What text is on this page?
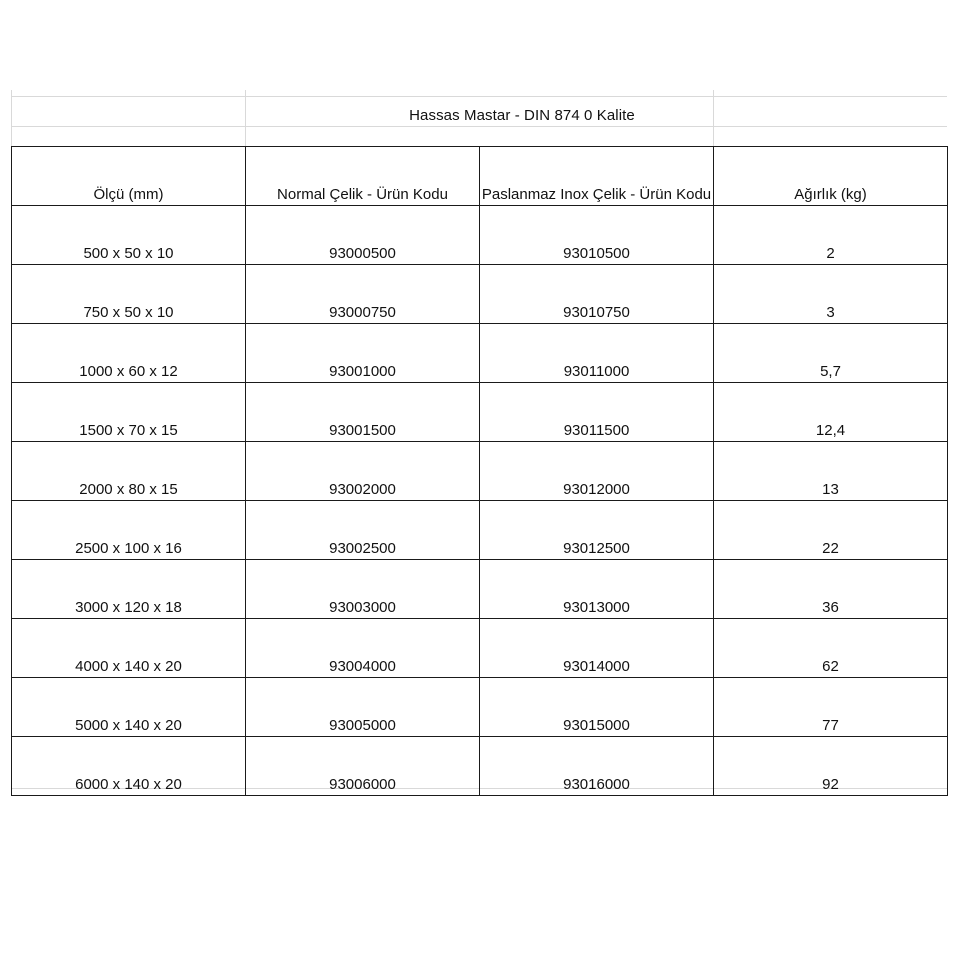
Hassas Mastar - DIN 874 0 Kalite
Ölçü (mm)	Normal Çelik - Ürün Kodu	Paslanmaz Inox Çelik - Ürün Kodu	Ağırlık (kg)
500 x 50 x 10	93000500	93010500	2
750 x 50 x 10	93000750	93010750	3
1000 x 60 x 12	93001000	93011000	5,7
1500 x 70 x 15	93001500	93011500	12,4
2000 x 80 x 15	93002000	93012000	13
2500 x 100 x 16	93002500	93012500	22
3000 x 120 x 18	93003000	93013000	36
4000 x 140 x 20	93004000	93014000	62
5000 x 140 x 20	93005000	93015000	77
6000 x 140 x 20	93006000	93016000	92
